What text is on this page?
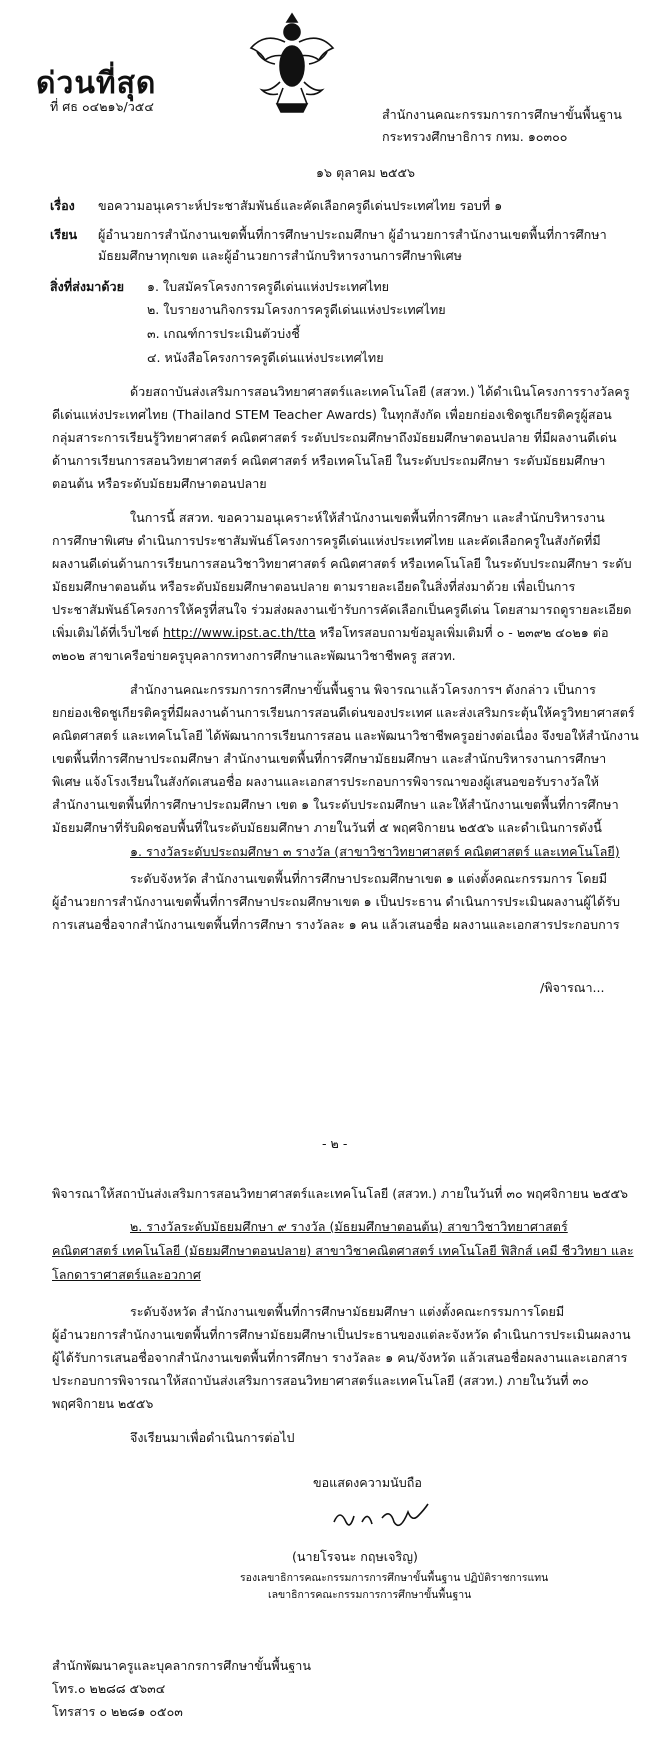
ด่วนที่สุด
ที่ ศธ ๐๔๒๑๖/ว๕๔
สำนักงานคณะกรรมการการศึกษาขั้นพื้นฐาน
กระทรวงศึกษาธิการ กทม. ๑๐๓๐๐
๑๖ ตุลาคม ๒๕๕๖
เรื่อง ขอความอนุเคราะห์ประชาสัมพันธ์และคัดเลือกครูดีเด่นประเทศไทย รอบที่ ๑
เรียน ผู้อำนวยการสำนักงานเขตพื้นที่การศึกษาประถมศึกษา ผู้อำนวยการสำนักงานเขตพื้นที่การศึกษา
มัธยมศึกษาทุกเขต และผู้อำนวยการสำนักบริหารงานการศึกษาพิเศษ
สิ่งที่ส่งมาด้วย ๑. ใบสมัครโครงการครูดีเด่นแห่งประเทศไทย
๒. ใบรายงานกิจกรรมโครงการครูดีเด่นแห่งประเทศไทย
๓. เกณฑ์การประเมินตัวบ่งชี้
๔. หนังสือโครงการครูดีเด่นแห่งประเทศไทย
ด้วยสถาบันส่งเสริมการสอนวิทยาศาสตร์และเทคโนโลยี (สสวท.) ได้ดำเนินโครงการรางวัลครู
ดีเด่นแห่งประเทศไทย (Thailand STEM Teacher Awards) ในทุกสังกัด เพื่อยกย่องเชิดชูเกียรติครูผู้สอน
กลุ่มสาระการเรียนรู้วิทยาศาสตร์ คณิตศาสตร์ ระดับประถมศึกษาถึงมัธยมศึกษาตอนปลาย ที่มีผลงานดีเด่น
ด้านการเรียนการสอนวิทยาศาสตร์ คณิตศาสตร์ หรือเทคโนโลยี ในระดับประถมศึกษา ระดับมัธยมศึกษา
ตอนต้น หรือระดับมัธยมศึกษาตอนปลาย
ในการนี้ สสวท. ขอความอนุเคราะห์ให้สำนักงานเขตพื้นที่การศึกษา และสำนักบริหารงาน
การศึกษาพิเศษ ดำเนินการประชาสัมพันธ์โครงการครูดีเด่นแห่งประเทศไทย และคัดเลือกครูในสังกัดที่มี
ผลงานดีเด่นด้านการเรียนการสอนวิชาวิทยาศาสตร์ คณิตศาสตร์ หรือเทคโนโลยี ในระดับประถมศึกษา ระดับ
มัธยมศึกษาตอนต้น หรือระดับมัธยมศึกษาตอนปลาย ตามรายละเอียดในสิ่งที่ส่งมาด้วย เพื่อเป็นการ
ประชาสัมพันธ์โครงการให้ครูที่สนใจ ร่วมส่งผลงานเข้ารับการคัดเลือกเป็นครูดีเด่น โดยสามารถดูรายละเอียด
เพิ่มเติมได้ที่เว็บไซต์ http://www.ipst.ac.th/tta หรือโทรสอบถามข้อมูลเพิ่มเติมที่ ๐ - ๒๓๙๒ ๔๐๒๑ ต่อ
๓๒๐๒ สาขาเครือข่ายครูบุคลากรทางการศึกษาและพัฒนาวิชาชีพครู สสวท.
สำนักงานคณะกรรมการการศึกษาขั้นพื้นฐาน พิจารณาแล้วโครงการฯ ดังกล่าว เป็นการ
ยกย่องเชิดชูเกียรติครูที่มีผลงานด้านการเรียนการสอนดีเด่นของประเทศ และส่งเสริมกระตุ้นให้ครูวิทยาศาสตร์
คณิตศาสตร์ และเทคโนโลยี ได้พัฒนาการเรียนการสอน และพัฒนาวิชาชีพครูอย่างต่อเนื่อง จึงขอให้สำนักงาน
เขตพื้นที่การศึกษาประถมศึกษา สำนักงานเขตพื้นที่การศึกษามัธยมศึกษา และสำนักบริหารงานการศึกษา
พิเศษ แจ้งโรงเรียนในสังกัดเสนอชื่อ ผลงานและเอกสารประกอบการพิจารณาของผู้เสนอขอรับรางวัลให้
สำนักงานเขตพื้นที่การศึกษาประถมศึกษา เขต ๑ ในระดับประถมศึกษา และให้สำนักงานเขตพื้นที่การศึกษา
มัธยมศึกษาที่รับผิดชอบพื้นที่ในระดับมัธยมศึกษา ภายในวันที่ ๕ พฤศจิกายน ๒๕๕๖ และดำเนินการดังนี้
๑. รางวัลระดับประถมศึกษา ๓ รางวัล (สาขาวิชาวิทยาศาสตร์ คณิตศาสตร์ และเทคโนโลยี)
ระดับจังหวัด สำนักงานเขตพื้นที่การศึกษาประถมศึกษาเขต ๑ แต่งตั้งคณะกรรมการ โดยมี
ผู้อำนวยการสำนักงานเขตพื้นที่การศึกษาประถมศึกษาเขต ๑ เป็นประธาน ดำเนินการประเมินผลงานผู้ได้รับ
การเสนอชื่อจากสำนักงานเขตพื้นที่การศึกษา รางวัลละ ๑ คน แล้วเสนอชื่อ ผลงานและเอกสารประกอบการ
/พิจารณา...
- ๒ -
พิจารณาให้สถาบันส่งเสริมการสอนวิทยาศาสตร์และเทคโนโลยี (สสวท.) ภายในวันที่ ๓๐ พฤศจิกายน ๒๕๕๖
๒. รางวัลระดับมัธยมศึกษา ๙ รางวัล (มัธยมศึกษาตอนต้น) สาขาวิชาวิทยาศาสตร์
คณิตศาสตร์ เทคโนโลยี (มัธยมศึกษาตอนปลาย) สาขาวิชาคณิตศาสตร์ เทคโนโลยี ฟิสิกส์ เคมี ชีววิทยา และ
โลกดาราศาสตร์และอวกาศ
ระดับจังหวัด สำนักงานเขตพื้นที่การศึกษามัธยมศึกษา แต่งตั้งคณะกรรมการโดยมี
ผู้อำนวยการสำนักงานเขตพื้นที่การศึกษามัธยมศึกษาเป็นประธานของแต่ละจังหวัด ดำเนินการประเมินผลงาน
ผู้ได้รับการเสนอชื่อจากสำนักงานเขตพื้นที่การศึกษา รางวัลละ ๑ คน/จังหวัด แล้วเสนอชื่อผลงานและเอกสาร
ประกอบการพิจารณาให้สถาบันส่งเสริมการสอนวิทยาศาสตร์และเทคโนโลยี (สสวท.) ภายในวันที่ ๓๐
พฤศจิกายน ๒๕๕๖
จึงเรียนมาเพื่อดำเนินการต่อไป
ขอแสดงความนับถือ
(นายโรจนะ กฤษเจริญ)
รองเลขาธิการคณะกรรมการการศึกษาขั้นพื้นฐาน ปฏิบัติราชการแทน
เลขาธิการคณะกรรมการการศึกษาขั้นพื้นฐาน
สำนักพัฒนาครูและบุคลากรการศึกษาขั้นพื้นฐาน
โทร.๐ ๒๒๘๘ ๕๖๓๔
โทรสาร ๐ ๒๒๘๑ ๐๕๐๓
